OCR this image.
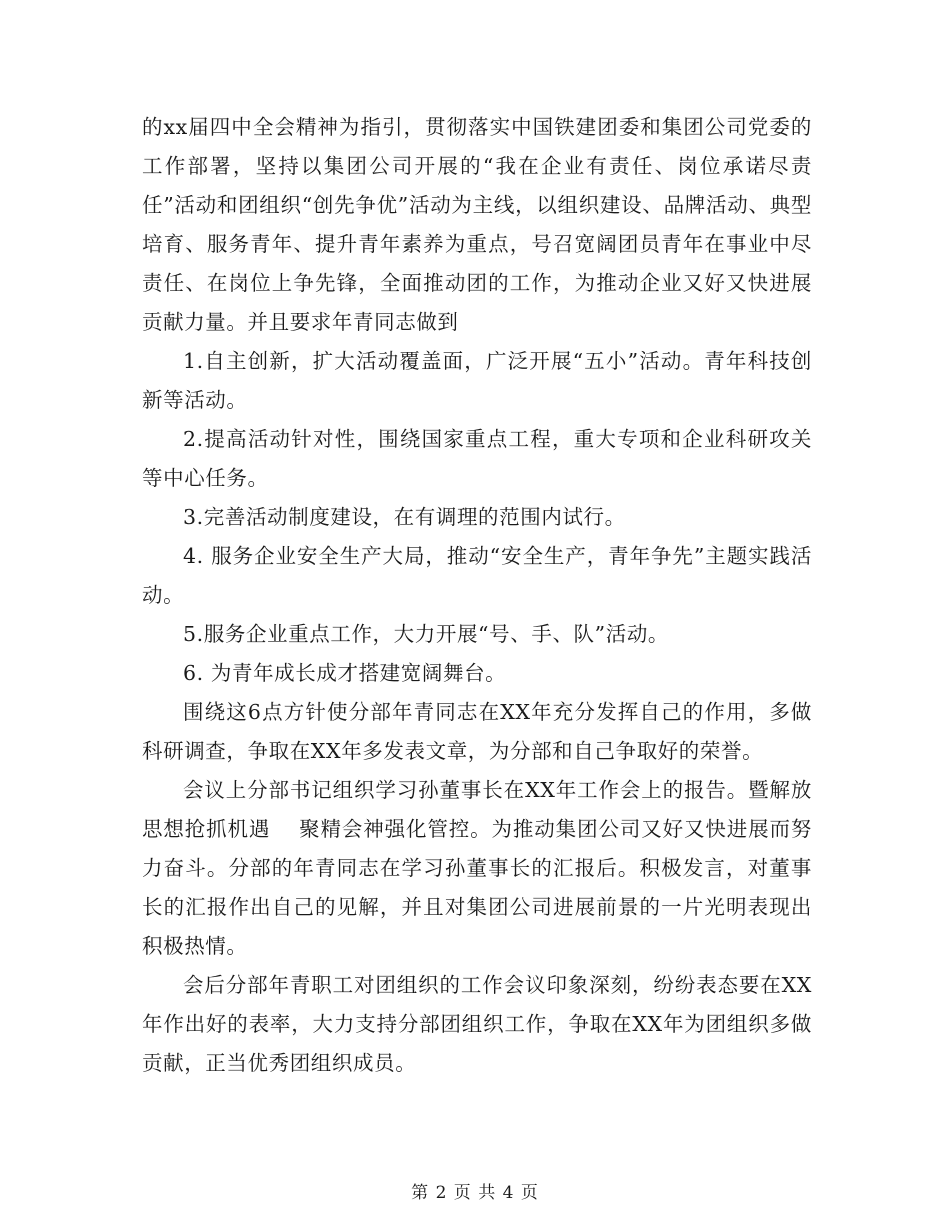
的xx届四中全会精神为指引，贯彻落实中国铁建团委和集团公司党委的工作部署，坚持以集团公司开展的“我在企业有责任、岗位承诺尽责任”活动和团组织“创先争优”活动为主线，以组织建设、品牌活动、典型培育、服务青年、提升青年素养为重点，号召宽阔团员青年在事业中尽责任、在岗位上争先锋，全面推动团的工作，为推动企业又好又快进展贡献力量。并且要求年青同志做到

1.自主创新，扩大活动覆盖面，广泛开展“五小”活动。青年科技创新等活动。

2.提高活动针对性，围绕国家重点工程，重大专项和企业科研攻关等中心任务。

3.完善活动制度建设，在有调理的范围内试行。

4. 服务企业安全生产大局，推动“安全生产，青年争先”主题实践活动。

5.服务企业重点工作，大力开展“号、手、队”活动。

6. 为青年成长成才搭建宽阔舞台。

围绕这6点方针使分部年青同志在XX年充分发挥自己的作用，多做科研调查，争取在XX年多发表文章，为分部和自己争取好的荣誉。

会议上分部书记组织学习孙董事长在XX年工作会上的报告。暨解放思想抢抓机遇　 聚精会神强化管控。为推动集团公司又好又快进展而努力奋斗。分部的年青同志在学习孙董事长的汇报后。积极发言，对董事长的汇报作出自己的见解，并且对集团公司进展前景的一片光明表现出积极热情。

会后分部年青职工对团组织的工作会议印象深刻，纷纷表态要在XX年作出好的表率，大力支持分部团组织工作，争取在XX年为团组织多做贡献，正当优秀团组织成员。

第 2 页 共 4 页
